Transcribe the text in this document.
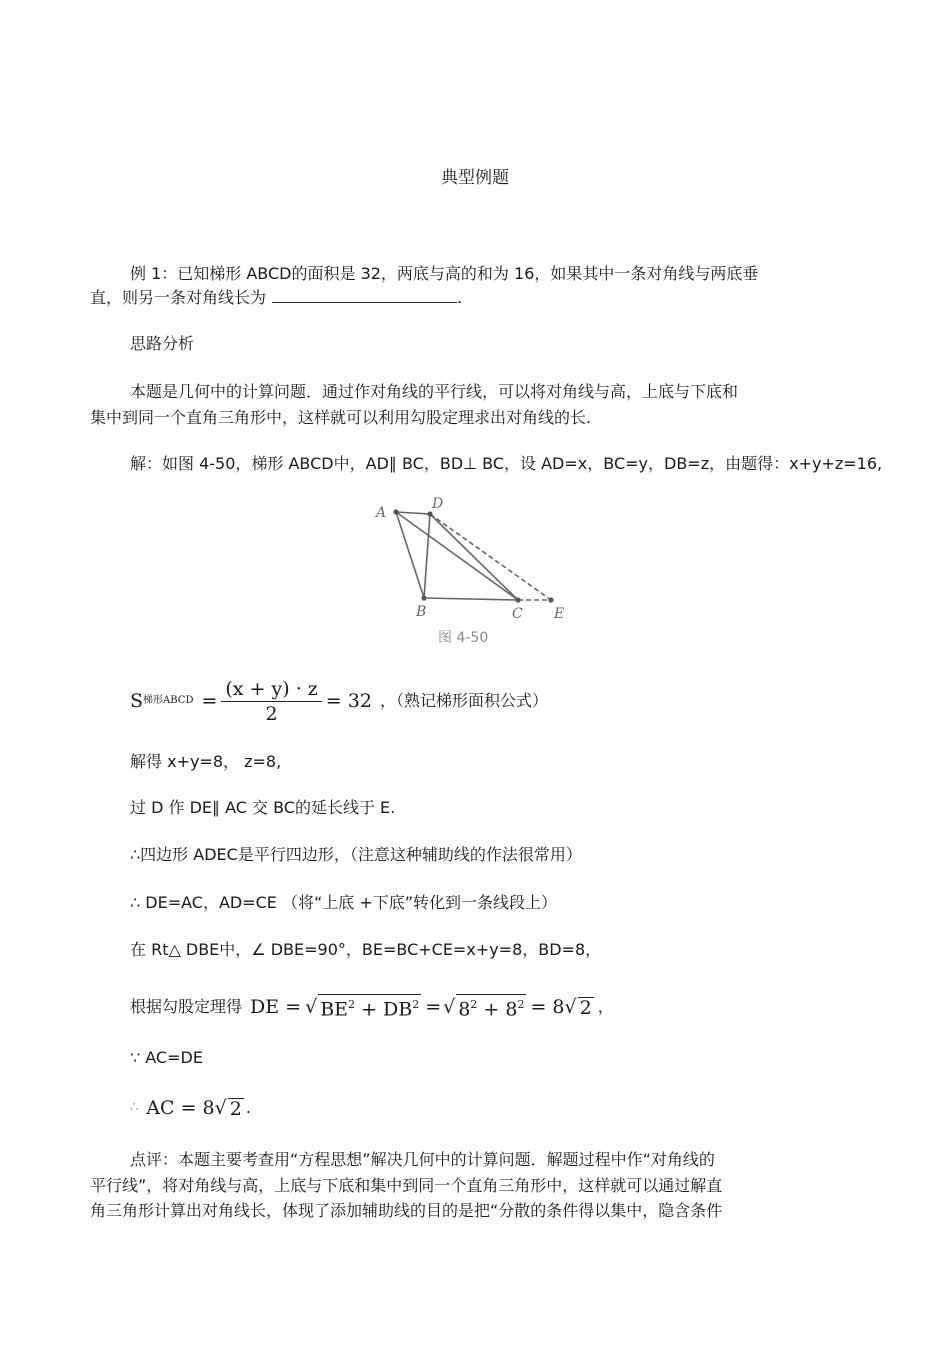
典型例题
例 1：已知梯形 ABCD的面积是 32，两底与高的和为 16，如果其中一条对角线与两底垂
直，则另一条对角线长为	.
思路分析
本题是几何中的计算问题．通过作对角线的平行线，可以将对角线与高，上底与下底和
集中到同一个直角三角形中，这样就可以利用勾股定理求出对角线的长.
解：如图 4-50，梯形 ABCD中，AD∥ BC，BD⊥ BC，设 AD=x，BC=y，DB=z，由题得：x+y+z=16,
A
D
B	C E
图 4-50
S 梯形ABCD = $\frac{(x + y) \cdot z}{2} = 32$ ，（熟记梯形面积公式）
解得 x+y=8， z=8,
过 D 作 DE∥ AC 交 BC的延长线于 E.
∴四边形 ADEC是平行四边形，（注意这种辅助线的作法很常用）
∴ DE=AC，AD=CE （将“上底 +下底”转化到一条线段上）
在 Rt△ DBE中，∠ DBE=90°，BE=BC+CE=x+y=8，BD=8，
根据勾股定理得 DE = √ $BE^2 + DB^2$ = √ $8^2 + 8^2 = 8$ √ 2 ，
∵ AC=DE
∴ AC = 8 √ 2 .
点评：本题主要考查用“方程思想”解决几何中的计算问题．解题过程中作“对角线的
平行线”，将对角线与高，上底与下底和集中到同一个直角三角形中，这样就可以通过解直
角三角形计算出对角线长，体现了添加辅助线的目的是把“分散的条件得以集中，隐含条件
